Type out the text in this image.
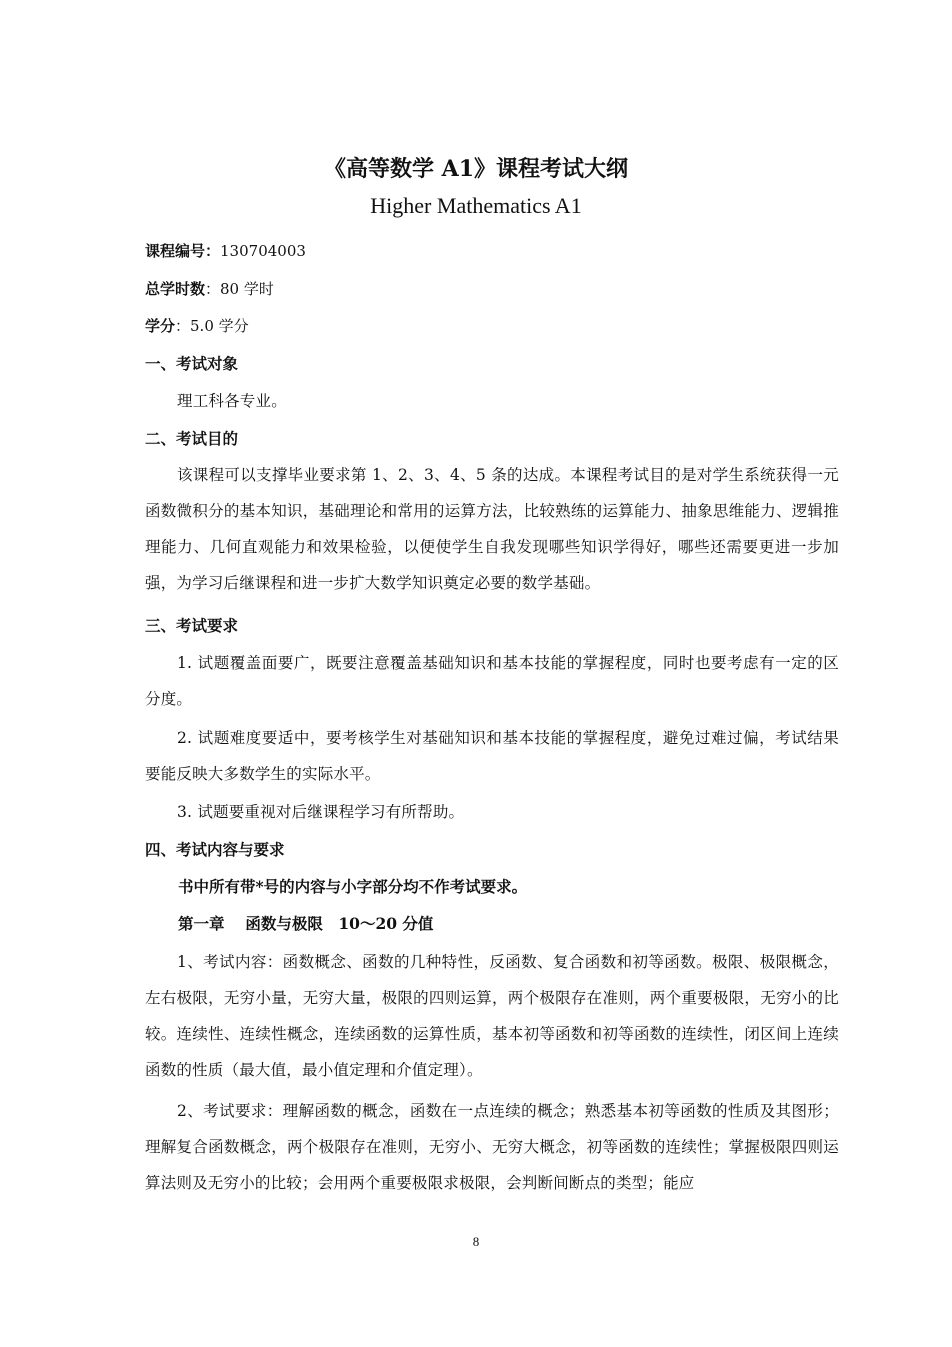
《高等数学 A1》课程考试大纲
Higher Mathematics A1
课程编号：130704003
总学时数：80 学时
学分：5.0 学分
一、考试对象
理工科各专业。
二、考试目的
该课程可以支撑毕业要求第 1、2、3、4、5 条的达成。本课程考试目的是对学生系统获得一元函数微积分的基本知识，基础理论和常用的运算方法，比较熟练的运算能力、抽象思维能力、逻辑推理能力、几何直观能力和效果检验，以便使学生自我发现哪些知识学得好，哪些还需要更进一步加强，为学习后继课程和进一步扩大数学知识奠定必要的数学基础。
三、考试要求
1. 试题覆盖面要广，既要注意覆盖基础知识和基本技能的掌握程度，同时也要考虑有一定的区分度。
2. 试题难度要适中，要考核学生对基础知识和基本技能的掌握程度，避免过难过偏，考试结果要能反映大多数学生的实际水平。
3. 试题要重视对后继课程学习有所帮助。
四、考试内容与要求
书中所有带*号的内容与小字部分均不作考试要求。
第一章　 函数与极限　10～20 分值
1、考试内容：函数概念、函数的几种特性，反函数、复合函数和初等函数。极限、极限概念，左右极限，无穷小量，无穷大量，极限的四则运算，两个极限存在准则，两个重要极限，无穷小的比较。连续性、连续性概念，连续函数的运算性质，基本初等函数和初等函数的连续性，闭区间上连续函数的性质（最大值，最小值定理和介值定理）。
2、考试要求：理解函数的概念，函数在一点连续的概念；熟悉基本初等函数的性质及其图形；理解复合函数概念，两个极限存在准则，无穷小、无穷大概念，初等函数的连续性；掌握极限四则运算法则及无穷小的比较；会用两个重要极限求极限，会判断间断点的类型；能应
8
